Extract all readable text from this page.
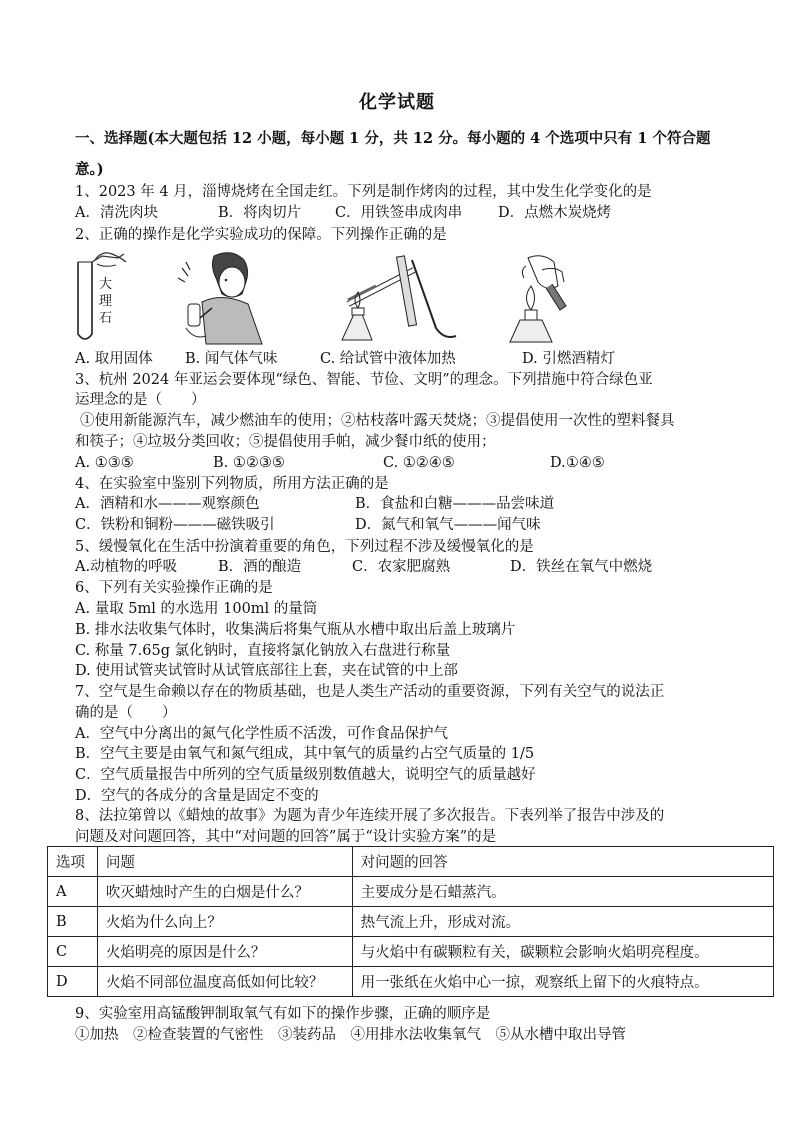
化学试题
一、选择题(本大题包括 12 小题，每小题 1 分，共 12 分。每小题的 4 个选项中只有 1 个符合题意。)
1、2023 年 4 月，淄博烧烤在全国走红。下列是制作烤肉的过程，其中发生化学变化的是
A．清洗肉块	B．将肉切片 C．用铁签串成肉串 D．点燃木炭烧烤
2、正确的操作是化学实验成功的保障。下列操作正确的是
大
理
石
A. 取用固体 B. 闻气体气味	C. 给试管中液体加热	D. 引燃酒精灯
3、杭州 2024 年亚运会要体现“绿色、智能、节俭、文明”的理念。下列措施中符合绿色亚
运理念的是（　　）
①使用新能源汽车，减少燃油车的使用；②枯枝落叶露天焚烧；③提倡使用一次性的塑料餐具
和筷子；④垃圾分类回收；⑤提倡使用手帕，减少餐巾纸的使用；
A. ①③⑤	B. ①②③⑤	C. ①②④⑤	D.①④⑤
4、在实验室中鉴别下列物质，所用方法正确的是
A．酒精和水———观察颜色	B．食盐和白糖———品尝味道
C．铁粉和铜粉———磁铁吸引	D．氮气和氧气———闻气味
5、缓慢氧化在生活中扮演着重要的角色，下列过程不涉及缓慢氧化的是
A.动植物的呼吸	B．酒的酿造	C．农家肥腐熟	D．铁丝在氧气中燃烧
6、下列有关实验操作正确的是
A. 量取 5ml 的水选用 100ml 的量筒
B. 排水法收集气体时，收集满后将集气瓶从水槽中取出后盖上玻璃片
C. 称量 7.65g 氯化钠时，直接将氯化钠放入右盘进行称量
D. 使用试管夹试管时从试管底部往上套，夹在试管的中上部
7、空气是生命赖以存在的物质基础，也是人类生产活动的重要资源，下列有关空气的说法正
确的是（　　）
A．空气中分离出的氮气化学性质不活泼，可作食品保护气
B．空气主要是由氧气和氮气组成，其中氧气的质量约占空气质量的 1/5
C．空气质量报告中所列的空气质量级别数值越大，说明空气的质量越好
D．空气的各成分的含量是固定不变的
8、法拉第曾以《蜡烛的故事》为题为青少年连续开展了多次报告。下表列举了报告中涉及的
问题及对问题回答，其中“对问题的回答”属于“设计实验方案”的是
选项	问题	对问题的回答
A	吹灭蜡烛时产生的白烟是什么？	主要成分是石蜡蒸汽。
B	火焰为什么向上？	热气流上升，形成对流。
C	火焰明亮的原因是什么？	与火焰中有碳颗粒有关，碳颗粒会影响火焰明亮程度。
D	火焰不同部位温度高低如何比较？	用一张纸在火焰中心一掠，观察纸上留下的火痕特点。
9、实验室用高锰酸钾制取氧气有如下的操作步骤，正确的顺序是
①加热　②检查装置的气密性　③装药品　④用排水法收集氧气　⑤从水槽中取出导管
